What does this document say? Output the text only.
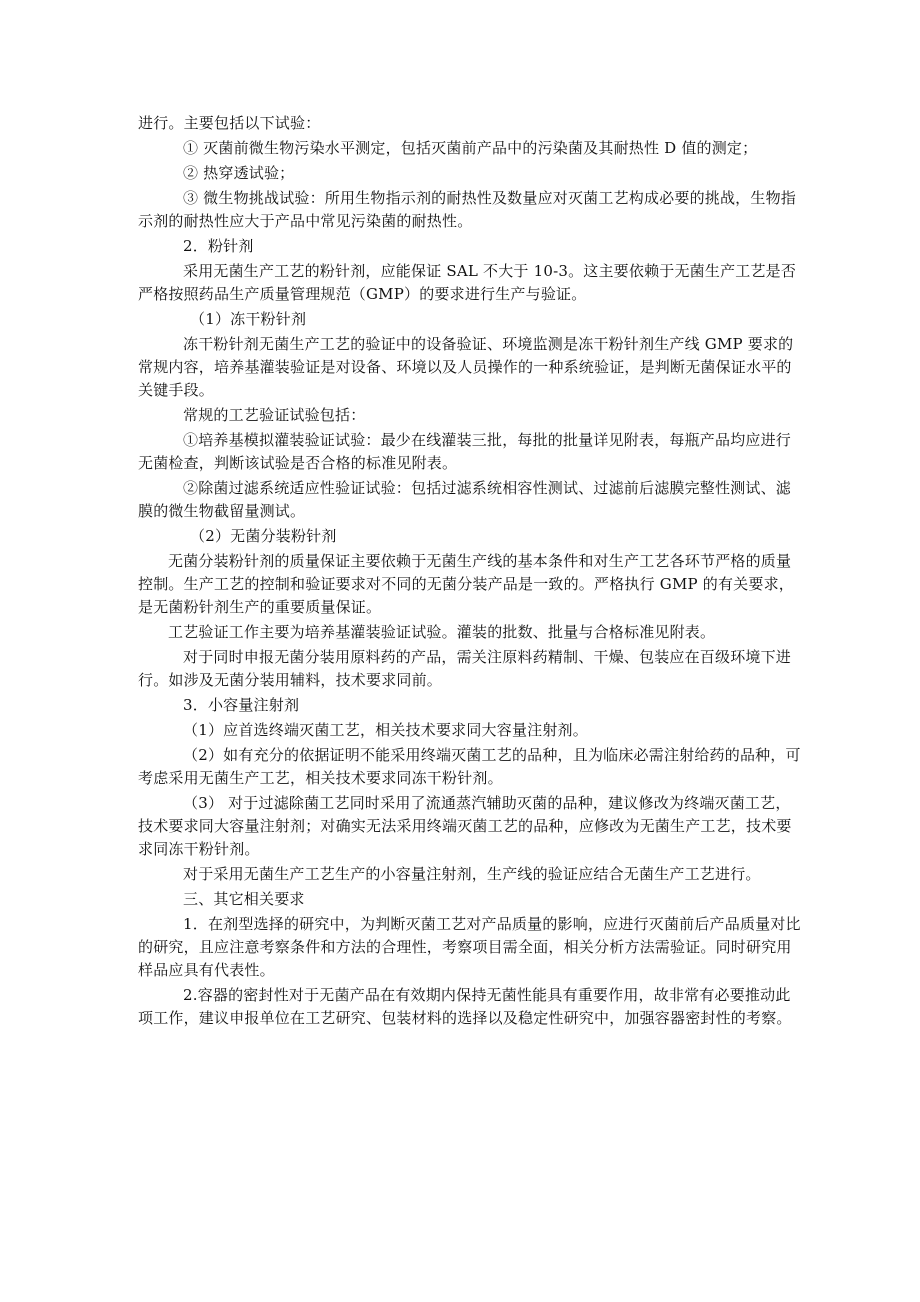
进行。主要包括以下试验：

① 灭菌前微生物污染水平测定，包括灭菌前产品中的污染菌及其耐热性 D 值的测定；

② 热穿透试验；

③ 微生物挑战试验：所用生物指示剂的耐热性及数量应对灭菌工艺构成必要的挑战，生物指示剂的耐热性应大于产品中常见污染菌的耐热性。

2．粉针剂

采用无菌生产工艺的粉针剂，应能保证 SAL 不大于 10-3。这主要依赖于无菌生产工艺是否严格按照药品生产质量管理规范（GMP）的要求进行生产与验证。

（1）冻干粉针剂

冻干粉针剂无菌生产工艺的验证中的设备验证、环境监测是冻干粉针剂生产线 GMP 要求的常规内容，培养基灌装验证是对设备、环境以及人员操作的一种系统验证，是判断无菌保证水平的关键手段。

常规的工艺验证试验包括：

①培养基模拟灌装验证试验：最少在线灌装三批，每批的批量详见附表，每瓶产品均应进行无菌检查，判断该试验是否合格的标准见附表。

②除菌过滤系统适应性验证试验：包括过滤系统相容性测试、过滤前后滤膜完整性测试、滤膜的微生物截留量测试。

（2）无菌分装粉针剂

无菌分装粉针剂的质量保证主要依赖于无菌生产线的基本条件和对生产工艺各环节严格的质量控制。生产工艺的控制和验证要求对不同的无菌分装产品是一致的。严格执行 GMP 的有关要求，是无菌粉针剂生产的重要质量保证。

工艺验证工作主要为培养基灌装验证试验。灌装的批数、批量与合格标准见附表。

对于同时申报无菌分装用原料药的产品，需关注原料药精制、干燥、包装应在百级环境下进行。如涉及无菌分装用辅料，技术要求同前。

3．小容量注射剂

（1）应首选终端灭菌工艺，相关技术要求同大容量注射剂。

（2）如有充分的依据证明不能采用终端灭菌工艺的品种，且为临床必需注射给药的品种，可考虑采用无菌生产工艺，相关技术要求同冻干粉针剂。

（3） 对于过滤除菌工艺同时采用了流通蒸汽辅助灭菌的品种，建议修改为终端灭菌工艺，技术要求同大容量注射剂；对确实无法采用终端灭菌工艺的品种，应修改为无菌生产工艺，技术要求同冻干粉针剂。

对于采用无菌生产工艺生产的小容量注射剂，生产线的验证应结合无菌生产工艺进行。

三、其它相关要求

1．在剂型选择的研究中，为判断灭菌工艺对产品质量的影响，应进行灭菌前后产品质量对比的研究，且应注意考察条件和方法的合理性，考察项目需全面，相关分析方法需验证。同时研究用样品应具有代表性。

2.容器的密封性对于无菌产品在有效期内保持无菌性能具有重要作用，故非常有必要推动此项工作，建议申报单位在工艺研究、包装材料的选择以及稳定性研究中，加强容器密封性的考察。
